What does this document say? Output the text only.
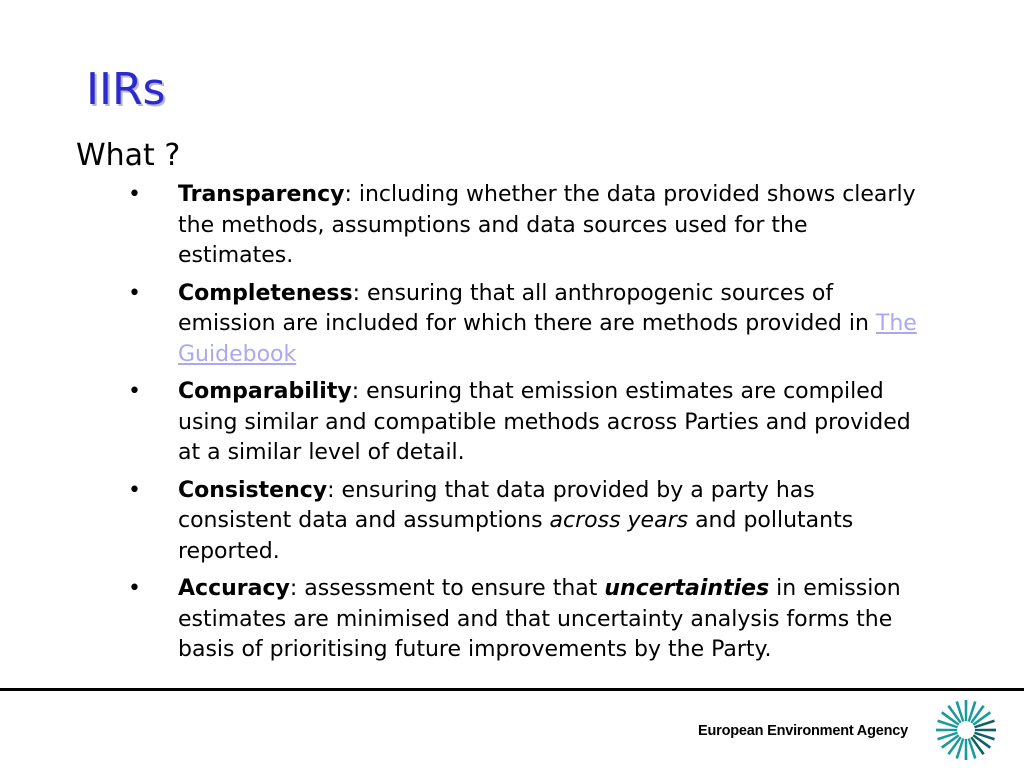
IIRs
What ?
• Transparency: including whether the data provided shows clearly the methods, assumptions and data sources used for the estimates.
• Completeness: ensuring that all anthropogenic sources of emission are included for which there are methods provided in The Guidebook
• Comparability: ensuring that emission estimates are compiled using similar and compatible methods across Parties and provided at a similar level of detail.
• Consistency: ensuring that data provided by a party has consistent data and assumptions across years and pollutants reported.
• Accuracy: assessment to ensure that uncertainties in emission estimates are minimised and that uncertainty analysis forms the basis of prioritising future improvements by the Party.
European Environment Agency
